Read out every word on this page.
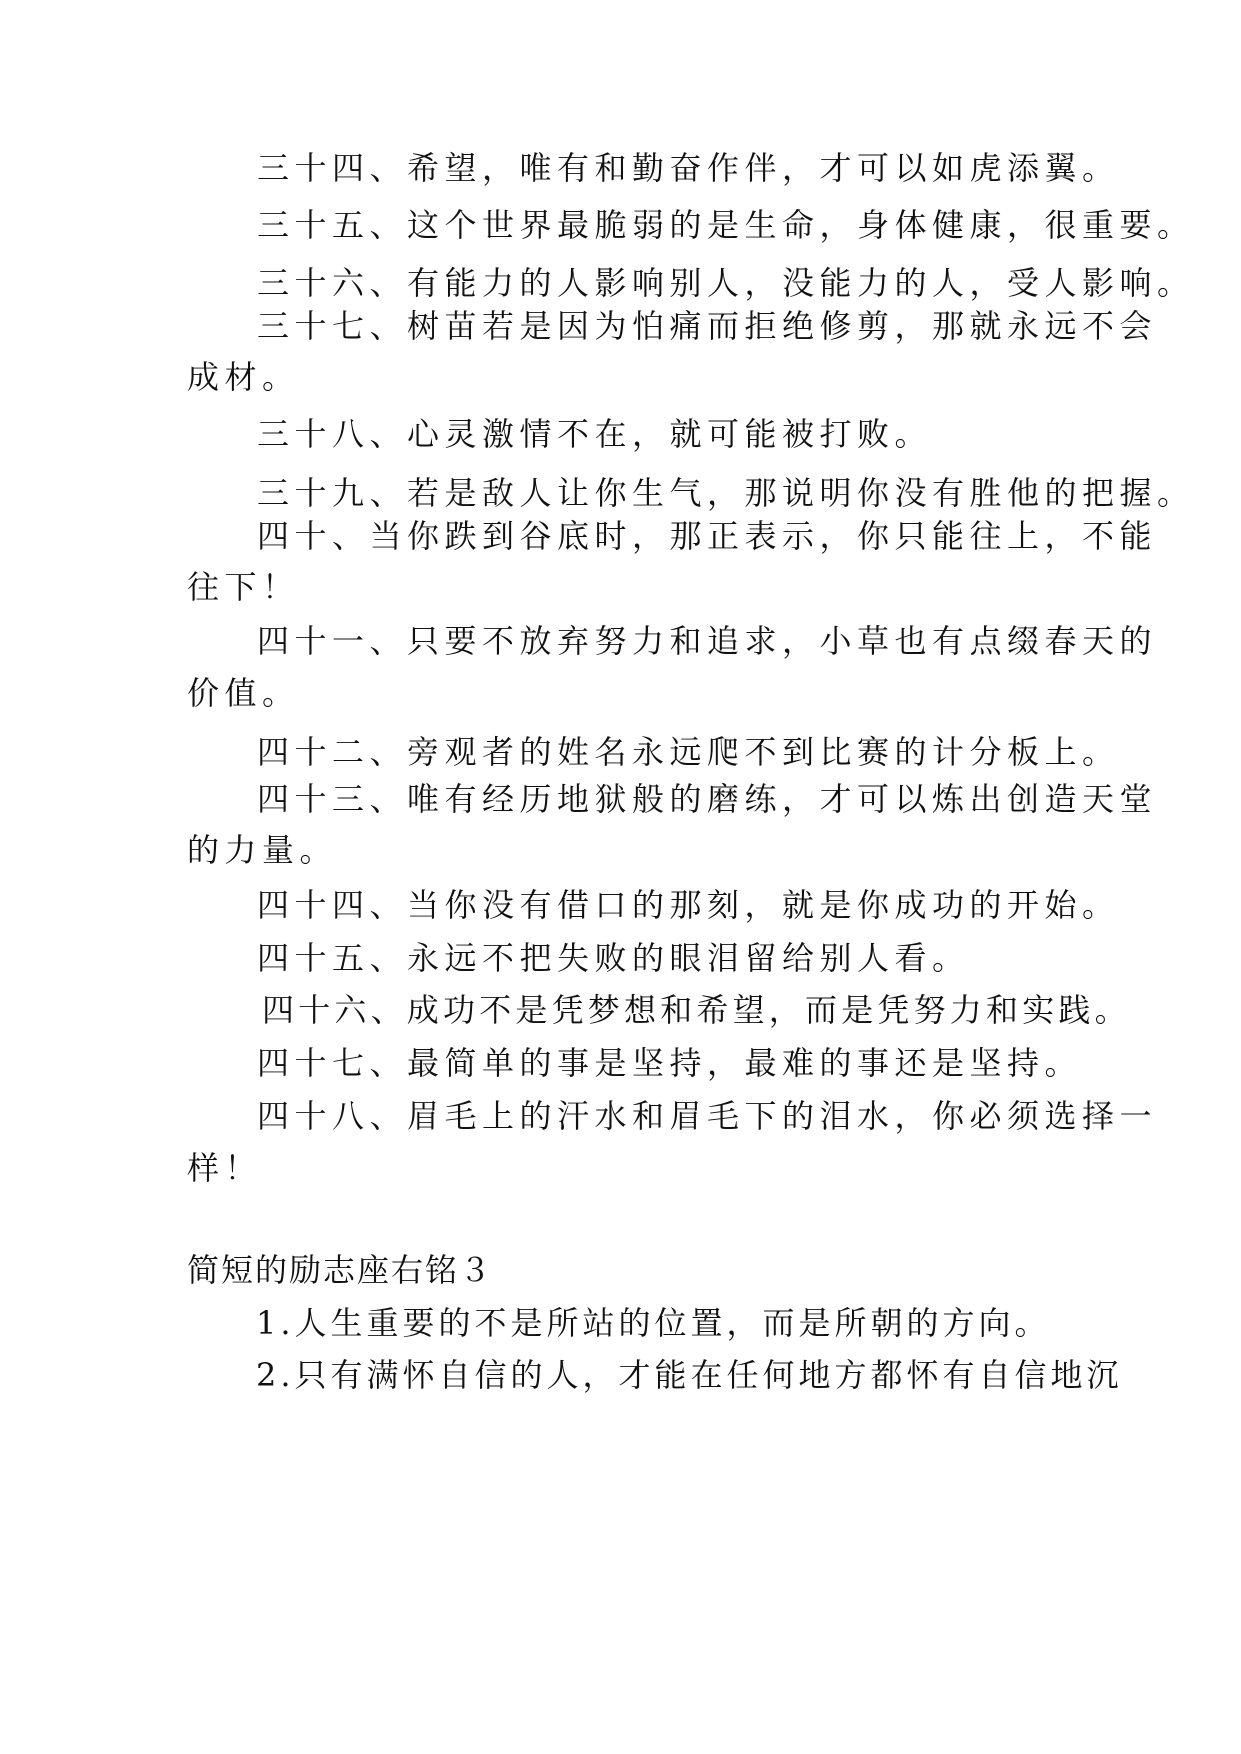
三十四、希望，唯有和勤奋作伴，才可以如虎添翼。
三十五、这个世界最脆弱的是生命，身体健康，很重要。
三十六、有能力的人影响别人，没能力的人，受人影响。
三十七、树苗若是因为怕痛而拒绝修剪，那就永远不会
成材。
三十八、心灵激情不在，就可能被打败。
三十九、若是敌人让你生气，那说明你没有胜他的把握。
四十、当你跌到谷底时，那正表示，你只能往上，不能
往下！
四十一、只要不放弃努力和追求，小草也有点缀春天的
价值。
四十二、旁观者的姓名永远爬不到比赛的计分板上。
四十三、唯有经历地狱般的磨练，才可以炼出创造天堂
的力量。
四十四、当你没有借口的那刻，就是你成功的开始。
四十五、永远不把失败的眼泪留给别人看。
四十六、成功不是凭梦想和希望，而是凭努力和实践。
四十七、最简单的事是坚持，最难的事还是坚持。
四十八、眉毛上的汗水和眉毛下的泪水，你必须选择一
样！
简短的励志座右铭３
1.人生重要的不是所站的位置，而是所朝的方向。
2.只有满怀自信的人，才能在任何地方都怀有自信地沉
